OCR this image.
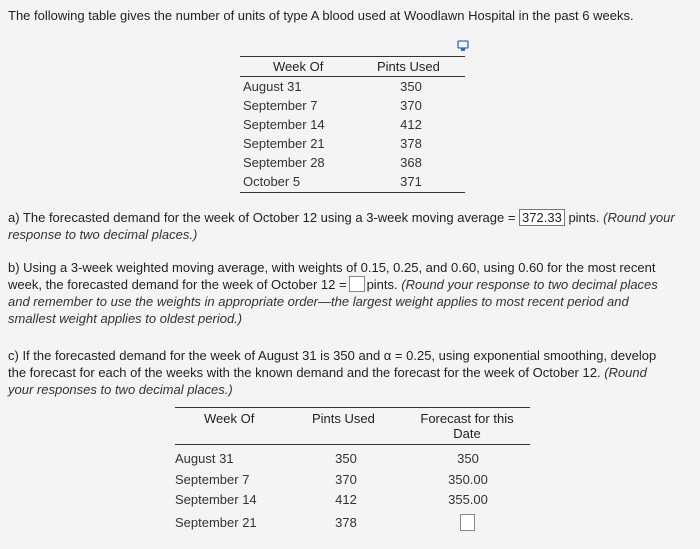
The following table gives the number of units of type A blood used at Woodlawn Hospital in the past 6 weeks.
Week Of	Pints Used
August 31	350
September 7	370
September 14	412
September 21	378
September 28	368
October 5	371
a) The forecasted demand for the week of October 12 using a 3-week moving average = 372.33 pints. (Round your
response to two decimal places.)
b) Using a 3-week weighted moving average, with weights of 0.15, 0.25, and 0.60, using 0.60 for the most recent
week, the forecasted demand for the week of October 12 = pints. (Round your response to two decimal places
and remember to use the weights in appropriate order—the largest weight applies to most recent period and
smallest weight applies to oldest period.)
c) If the forecasted demand for the week of August 31 is 350 and α = 0.25, using exponential smoothing, develop
the forecast for each of the weeks with the known demand and the forecast for the week of October 12. (Round
your responses to two decimal places.)
Week Of	Pints Used	Forecast for this
Date
August 31	350	350
September 7	370	350.00
September 14	412	355.00
September 21	378
